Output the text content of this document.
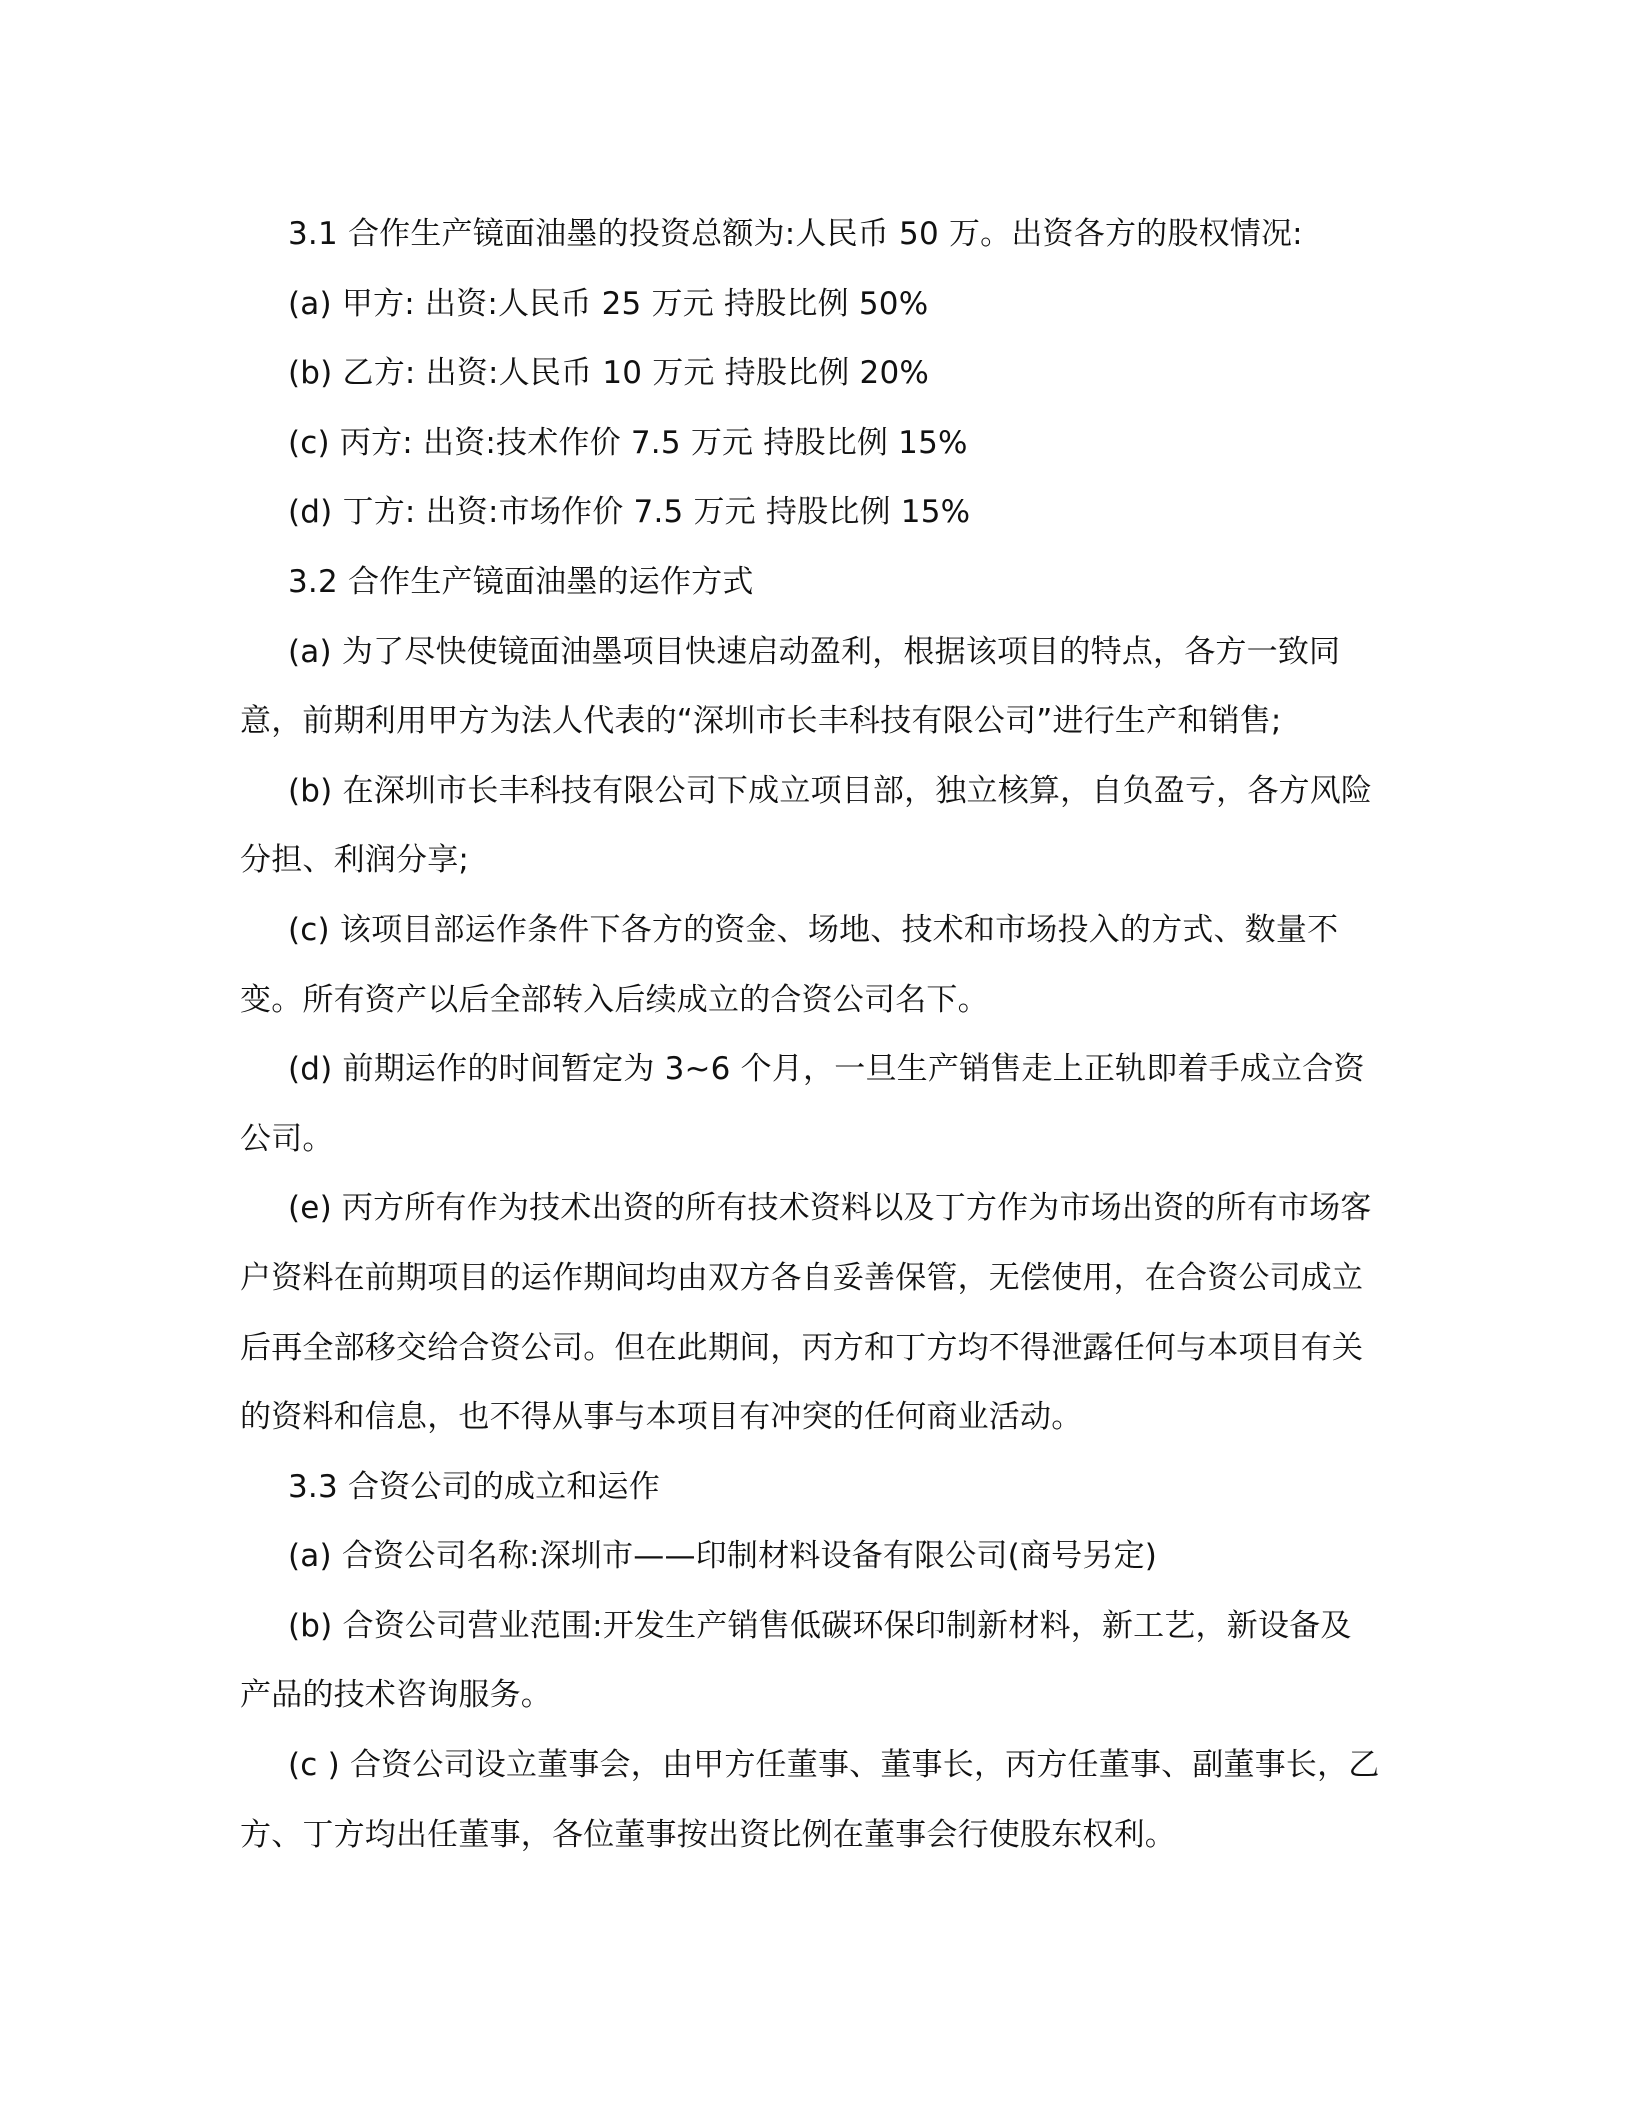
3.1 合作生产镜面油墨的投资总额为:人民币 50 万。出资各方的股权情况:

(a) 甲方: 出资:人民币 25 万元 持股比例 50%

(b) 乙方: 出资:人民币 10 万元 持股比例 20%

(c) 丙方: 出资:技术作价 7.5 万元 持股比例 15%

(d) 丁方: 出资:市场作价 7.5 万元 持股比例 15%

3.2 合作生产镜面油墨的运作方式

(a) 为了尽快使镜面油墨项目快速启动盈利，根据该项目的特点，各方一致同意，前期利用甲方为法人代表的“深圳市长丰科技有限公司”进行生产和销售;

(b) 在深圳市长丰科技有限公司下成立项目部，独立核算，自负盈亏，各方风险分担、利润分享;

(c) 该项目部运作条件下各方的资金、场地、技术和市场投入的方式、数量不变。所有资产以后全部转入后续成立的合资公司名下。

(d) 前期运作的时间暂定为 3~6 个月，一旦生产销售走上正轨即着手成立合资公司。

(e) 丙方所有作为技术出资的所有技术资料以及丁方作为市场出资的所有市场客户资料在前期项目的运作期间均由双方各自妥善保管，无偿使用，在合资公司成立后再全部移交给合资公司。但在此期间，丙方和丁方均不得泄露任何与本项目有关的资料和信息，也不得从事与本项目有冲突的任何商业活动。

3.3 合资公司的成立和运作

(a) 合资公司名称:深圳市——印制材料设备有限公司(商号另定)

(b) 合资公司营业范围:开发生产销售低碳环保印制新材料，新工艺，新设备及产品的技术咨询服务。

(c ) 合资公司设立董事会，由甲方任董事、董事长，丙方任董事、副董事长，乙方、丁方均出任董事，各位董事按出资比例在董事会行使股东权利。
